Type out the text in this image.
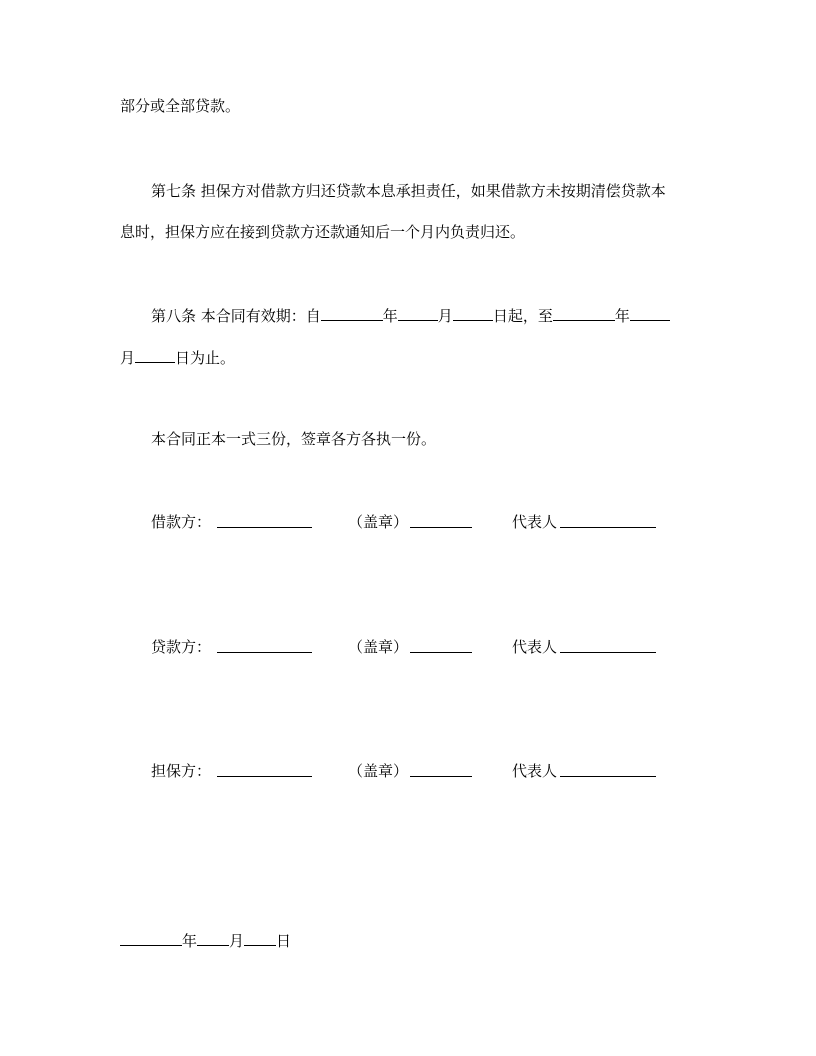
部分或全部贷款。
第七条 担保方对借款方归还贷款本息承担责任，如果借款方未按期清偿贷款本
息时，担保方应在接到贷款方还款通知后一个月内负责归还。
第八条 本合同有效期：自	年	月	日起，至	年
月	日为止。
本合同正本一式三份，签章各方各执一份。
借款方：	（盖章）	代表人
贷款方：	（盖章）	代表人
担保方：	（盖章）	代表人
年 月 日
